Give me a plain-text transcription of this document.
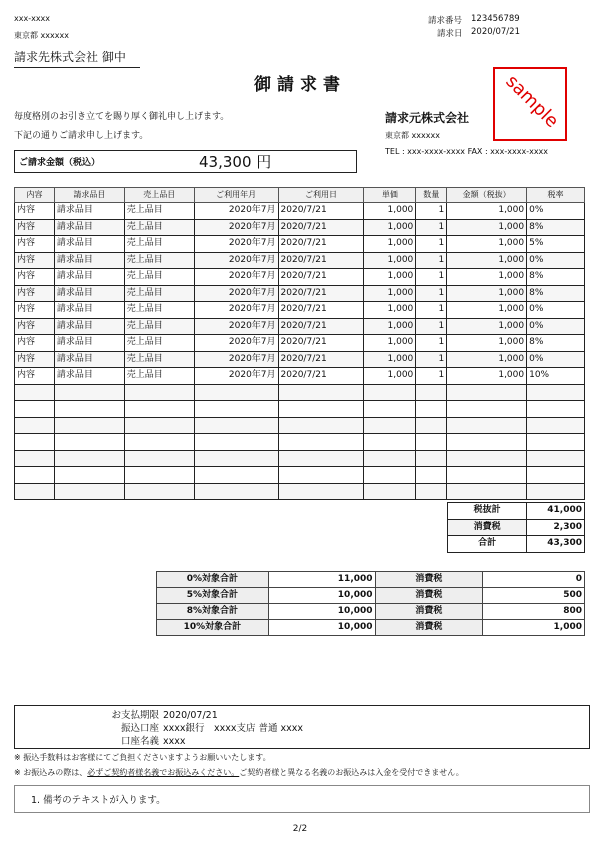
xxx-xxxx
東京都 xxxxxx
請求先株式会社 御中
請求番号 123456789
請求日 2020/07/21
御請求書
毎度格別のお引き立てを賜り厚く御礼申し上げます。
下記の通りご請求申し上げます。
ご請求金額（税込）	43,300 円
請求元株式会社
東京都 xxxxxx
TEL : xxx-xxxx-xxxx FAX : xxx-xxxx-xxxx
sample
内容	請求品目	売上品目	ご利用年月	ご利用日	単価	数量	金額（税抜）	税率
内容	請求品目	売上品目	2020年7月	2020/7/21	1,000	1	1,000	0%
内容	請求品目	売上品目	2020年7月	2020/7/21	1,000	1	1,000	8%
内容	請求品目	売上品目	2020年7月	2020/7/21	1,000	1	1,000	5%
内容	請求品目	売上品目	2020年7月	2020/7/21	1,000	1	1,000	0%
内容	請求品目	売上品目	2020年7月	2020/7/21	1,000	1	1,000	8%
内容	請求品目	売上品目	2020年7月	2020/7/21	1,000	1	1,000	8%
内容	請求品目	売上品目	2020年7月	2020/7/21	1,000	1	1,000	0%
内容	請求品目	売上品目	2020年7月	2020/7/21	1,000	1	1,000	0%
内容	請求品目	売上品目	2020年7月	2020/7/21	1,000	1	1,000	8%
内容	請求品目	売上品目	2020年7月	2020/7/21	1,000	1	1,000	0%
内容	請求品目	売上品目	2020年7月	2020/7/21	1,000	1	1,000	10%

税抜計	41,000
消費税	2,300
合計	43,300
0%対象合計	11,000	消費税	0
5%対象合計	10,000	消費税	500
8%対象合計	10,000	消費税	800
10%対象合計	10,000	消費税	1,000
お支払期限 2020/07/21
振込口座 xxxx銀行　xxxx支店 普通 xxxx
口座名義 xxxx
※ 振込手数料はお客様にてご負担くださいますようお願いいたします。
※ お振込みの際は、必ずご契約者様名義でお振込みください。ご契約者様と異なる名義のお振込みは入金を受付できません。
1. 備考のテキストが入ります。
2/2
